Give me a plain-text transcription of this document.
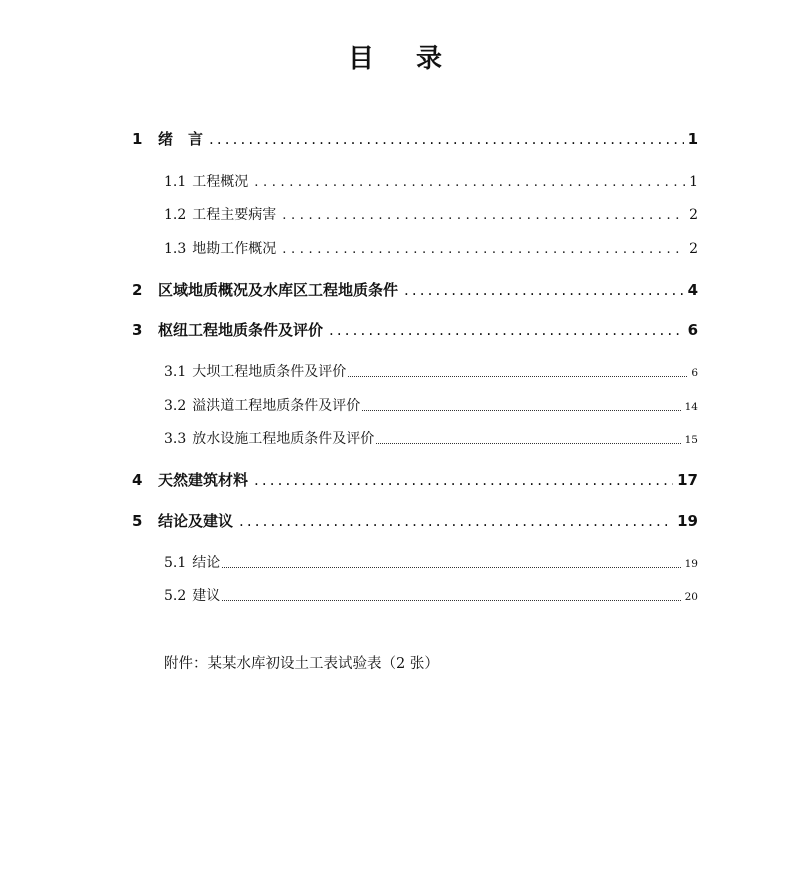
目 录
1	绪　言 .....	1
1.1 工程概况 .....	1
1.2 工程主要病害 .....	2
1.3 地勘工作概况 .....	2
2	区域地质概况及水库区工程地质条件 .....	4
3	枢纽工程地质条件及评价 .....	6
3.1 大坝工程地质条件及评价	6
3.2 溢洪道工程地质条件及评价	14
3.3 放水设施工程地质条件及评价	15
4	天然建筑材料 .....	17
5	结论及建议 .....	19
5.1 结论	19
5.2 建议	20
附件：某某水库初设土工表试验表（2 张）
